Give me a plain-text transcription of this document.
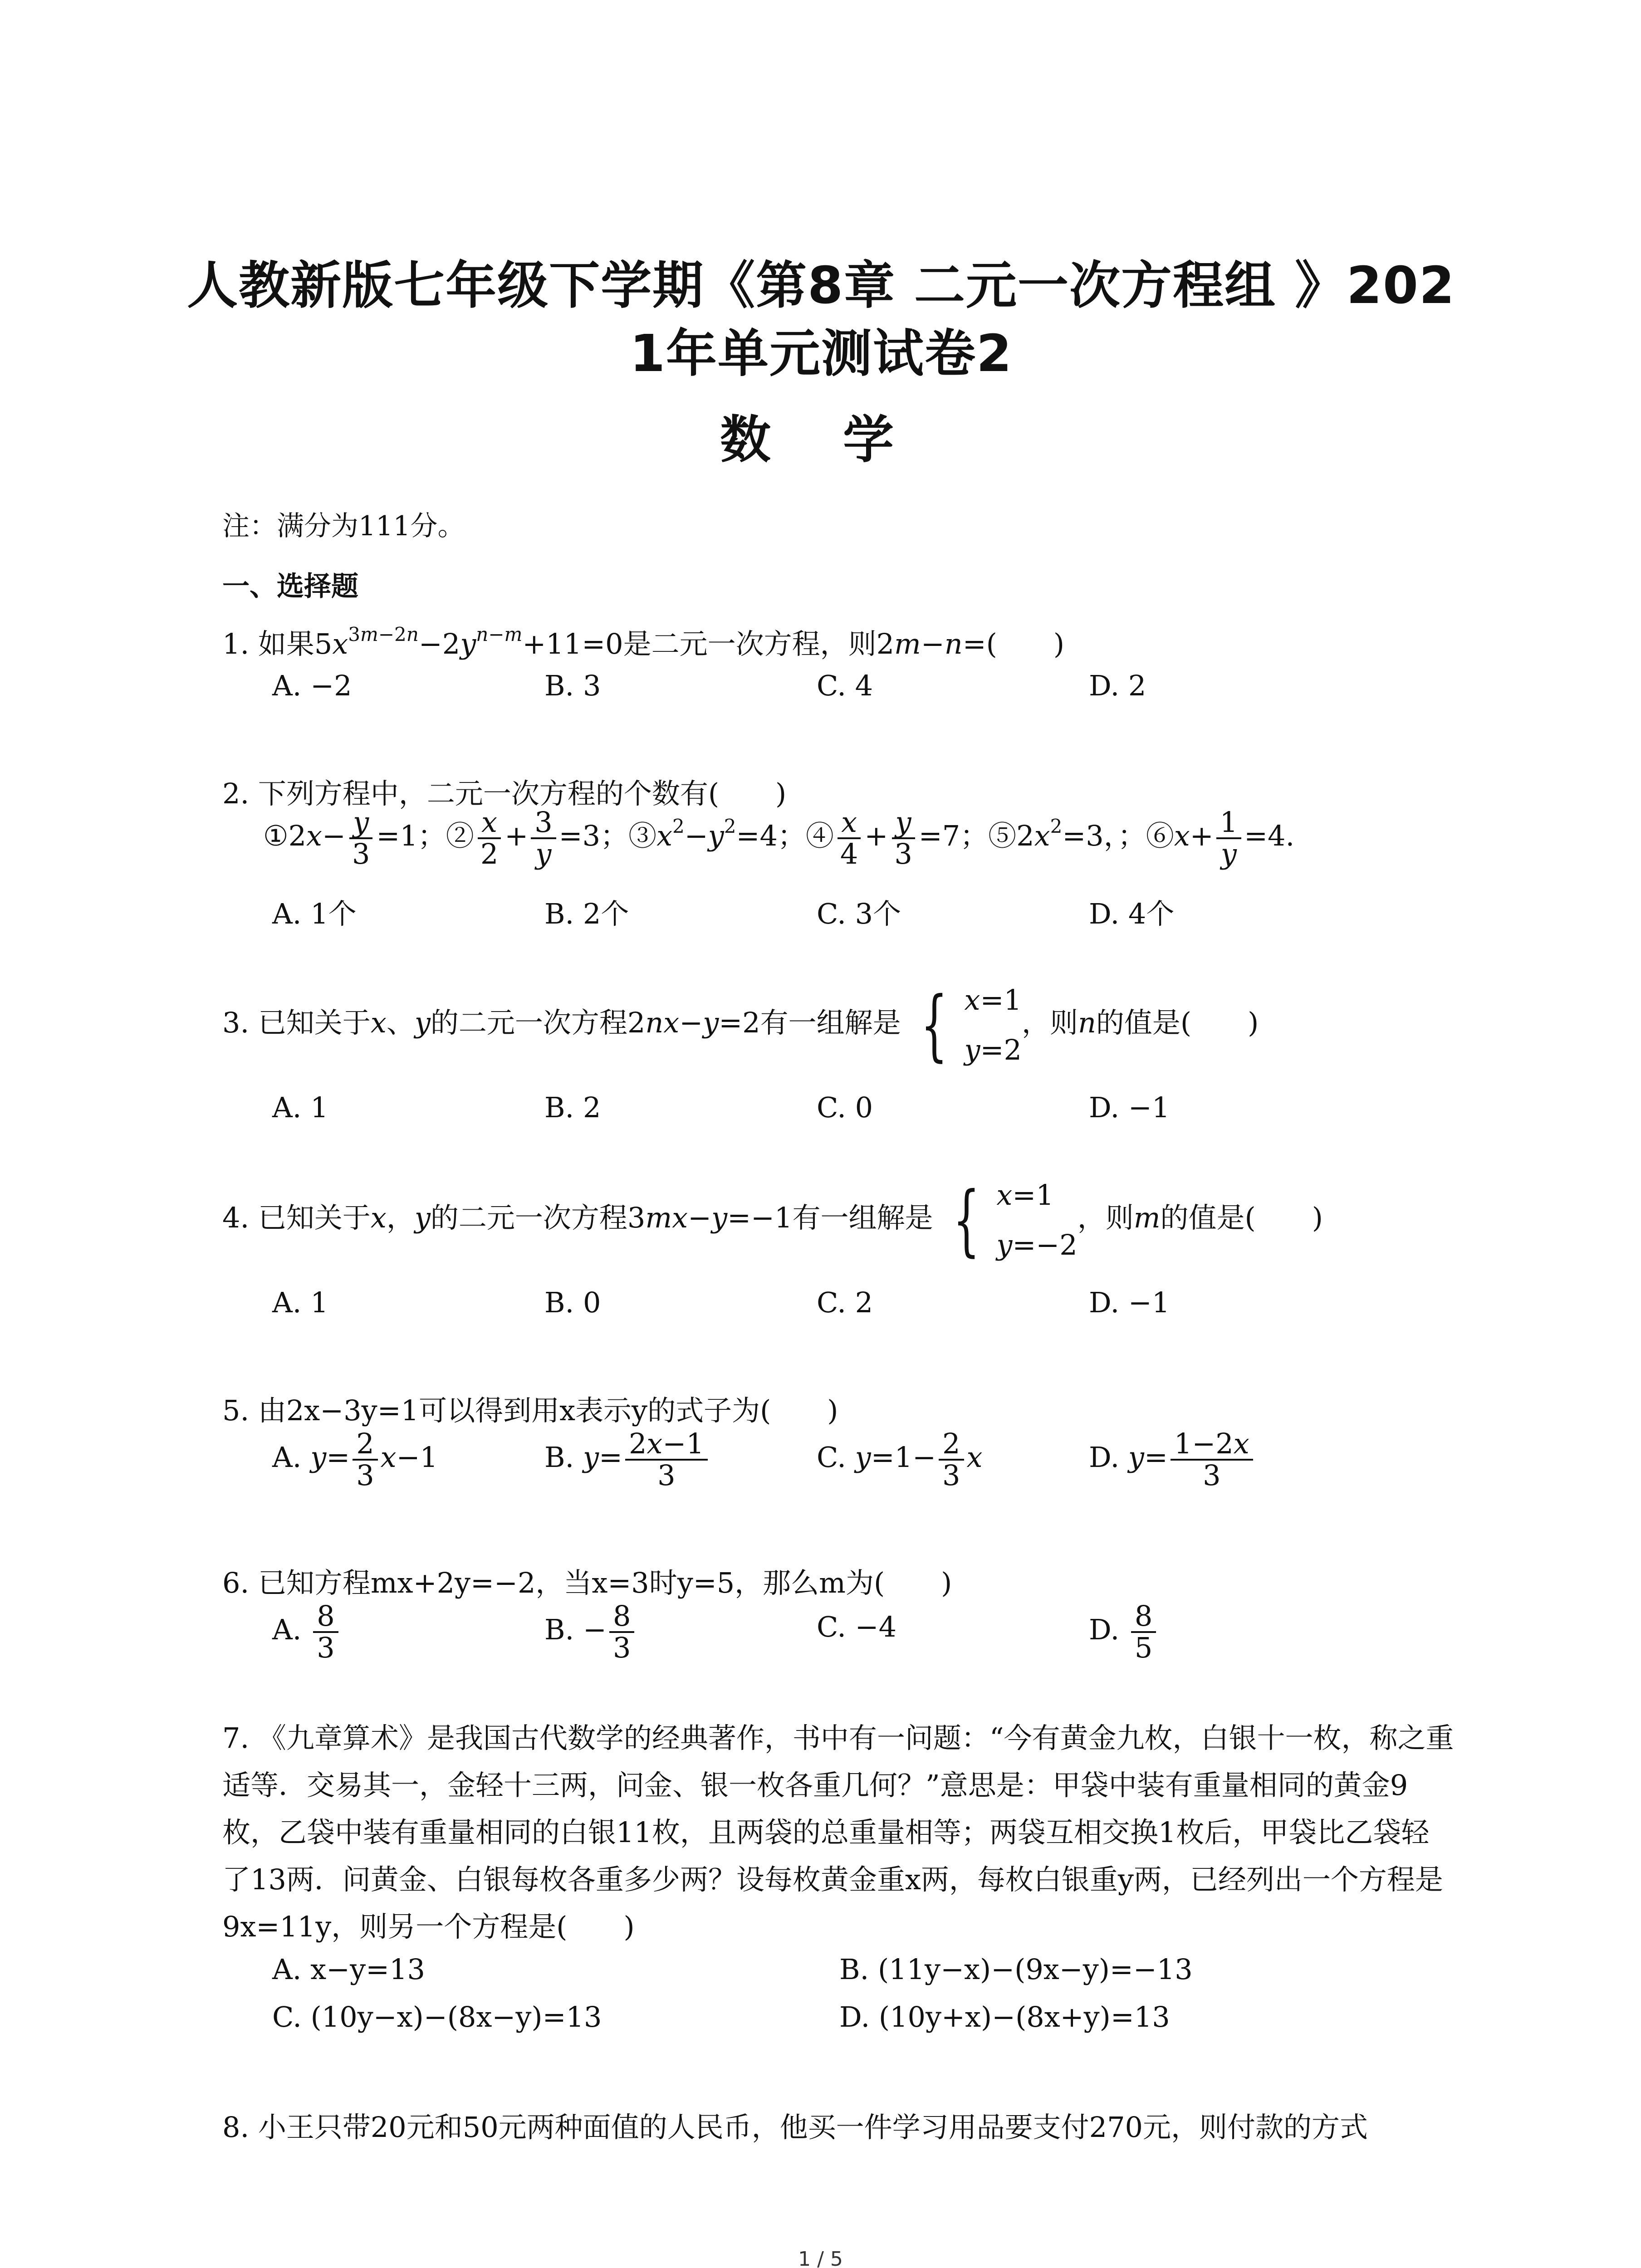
人教新版七年级下学期《第8章 二元一次方程组 》202
1年单元测试卷2
数 学
注：满分为111分。
一、选择题
1. 如果$5x^{3m-2n}-2y^{n-m}+11=0$是二元一次方程，则2m−n=(　　)
A. −2	B. 3	C. 4	D. 2
2. 下列方程中，二元一次方程的个数有(　　)
①2x− $\frac{y}{3} =1$；② $\frac{x}{2} + \frac{3}{y} =3$；$③x^2-y^2=4$；④ $\frac{x}{4} + \frac{y}{3} =7$；$⑤2x^2=3$，；⑥x+ $\frac{1}{y} =4$.
A. 1个	B. 2个	C. 3个	D. 4个
3. 已知关于x、y的二元一次方程2nx−y=2有一组解是 { x=1
y=2
，则n的值是(　　)
A. 1	B. 2	C. 0	D. −1
4. 已知关于x，y的二元一次方程3mx−y=−1有一组解是 { x=1
y=−2
，则m的值是(　　)
A. 1	B. 0	C. 2	D. −1
5. 由2x−3y=1可以得到用x表示y的式子为(　　)
A. $y= \frac{2}{3} x-1$	B. $y= \frac{2x-1}{3}$	C. $y=1- \frac{2}{3}$ x	D. $y= \frac{1-2x}{3}$
6. 已知方程mx+2y=−2，当x=3时y=5，那么m为(　　)
A. $\frac{8}{3}$	B. − $\frac{8}{3}$	C. −4	D. $\frac{8}{5}$
7. 《九章算术》是我国古代数学的经典著作，书中有一问题：“今有黄金九枚，白银十一枚，称之重适等．交易其一，金轻十三两，问金、银一枚各重几何？”意思是：甲袋中装有重量相同的黄金9枚，乙袋中装有重量相同的白银11枚，且两袋的总重量相等；两袋互相交换1枚后，甲袋比乙袋轻了13两．问黄金、白银每枚各重多少两？设每枚黄金重x两，每枚白银重y两，已经列出一个方程是9x=11y，则另一个方程是(　　)
A. x−y=13	B. (11y−x)−(9x−y)=−13
C. (10y−x)−(8x−y)=13	D. (10y+x)−(8x+y)=13
8. 小王只带20元和50元两种面值的人民币，他买一件学习用品要支付270元，则付款的方式
1 / 5
